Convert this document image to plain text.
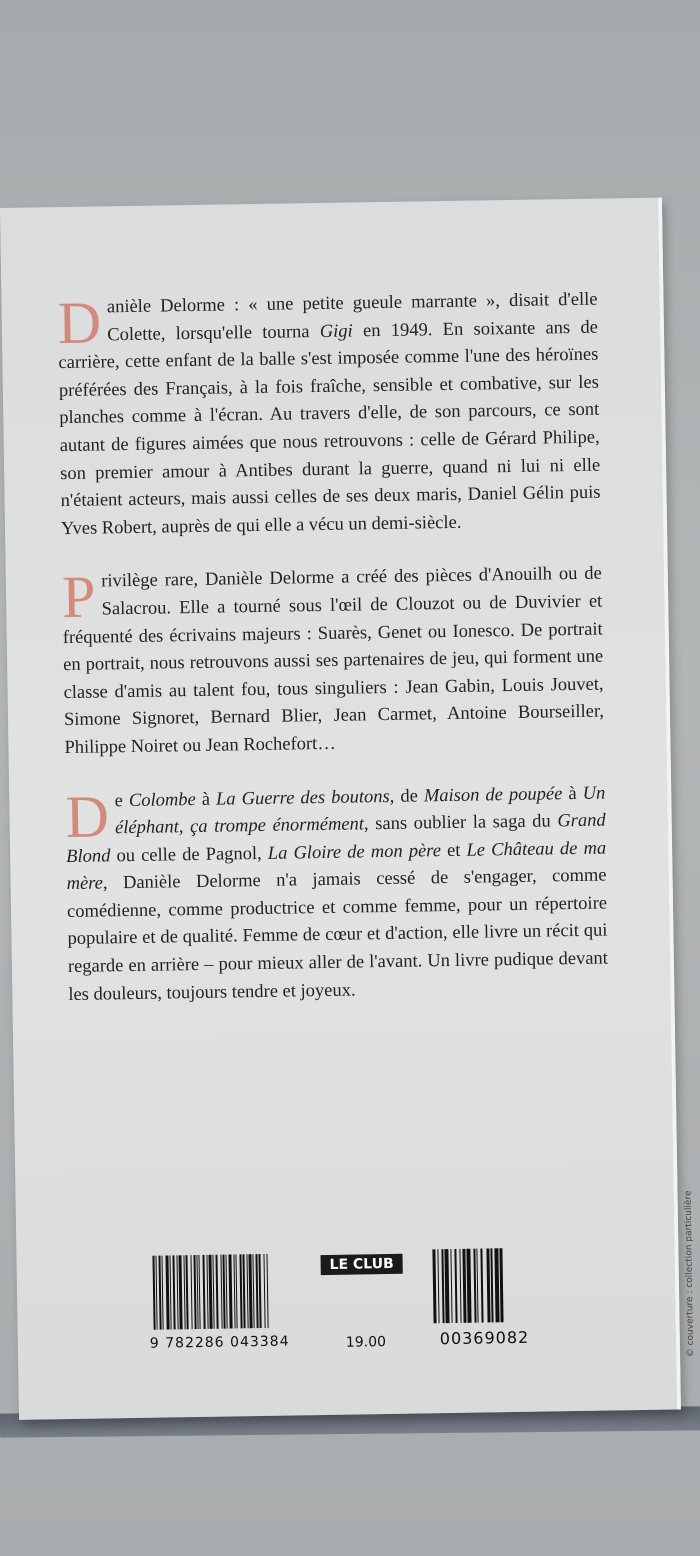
Danièle Delorme : « une petite gueule marrante », disait d'elle Colette, lorsqu'elle tourna Gigi en 1949. En soixante ans de carrière, cette enfant de la balle s'est imposée comme l'une des héroïnes préférées des Français, à la fois fraîche, sensible et combative, sur les planches comme à l'écran. Au travers d'elle, de son parcours, ce sont autant de figures aimées que nous retrouvons : celle de Gérard Philipe, son premier amour à Antibes durant la guerre, quand ni lui ni elle n'étaient acteurs, mais aussi celles de ses deux maris, Daniel Gélin puis Yves Robert, auprès de qui elle a vécu un demi-siècle.

Privilège rare, Danièle Delorme a créé des pièces d'Anouilh ou de Salacrou. Elle a tourné sous l'œil de Clouzot ou de Duvivier et fréquenté des écrivains majeurs : Suarès, Genet ou Ionesco. De portrait en portrait, nous retrouvons aussi ses partenaires de jeu, qui forment une classe d'amis au talent fou, tous singuliers : Jean Gabin, Louis Jouvet, Simone Signoret, Bernard Blier, Jean Carmet, Antoine Bourseiller, Philippe Noiret ou Jean Rochefort…

De Colombe à La Guerre des boutons, de Maison de poupée à Un éléphant, ça trompe énormément, sans oublier la saga du Grand Blond ou celle de Pagnol, La Gloire de mon père et Le Château de ma mère, Danièle Delorme n'a jamais cessé de s'engager, comme comédienne, comme productrice et comme femme, pour un répertoire populaire et de qualité. Femme de cœur et d'action, elle livre un récit qui regarde en arrière – pour mieux aller de l'avant. Un livre pudique devant les douleurs, toujours tendre et joyeux.

9 782286 043384
LE CLUB
19.00	00369082	© couverture : collection particulière
